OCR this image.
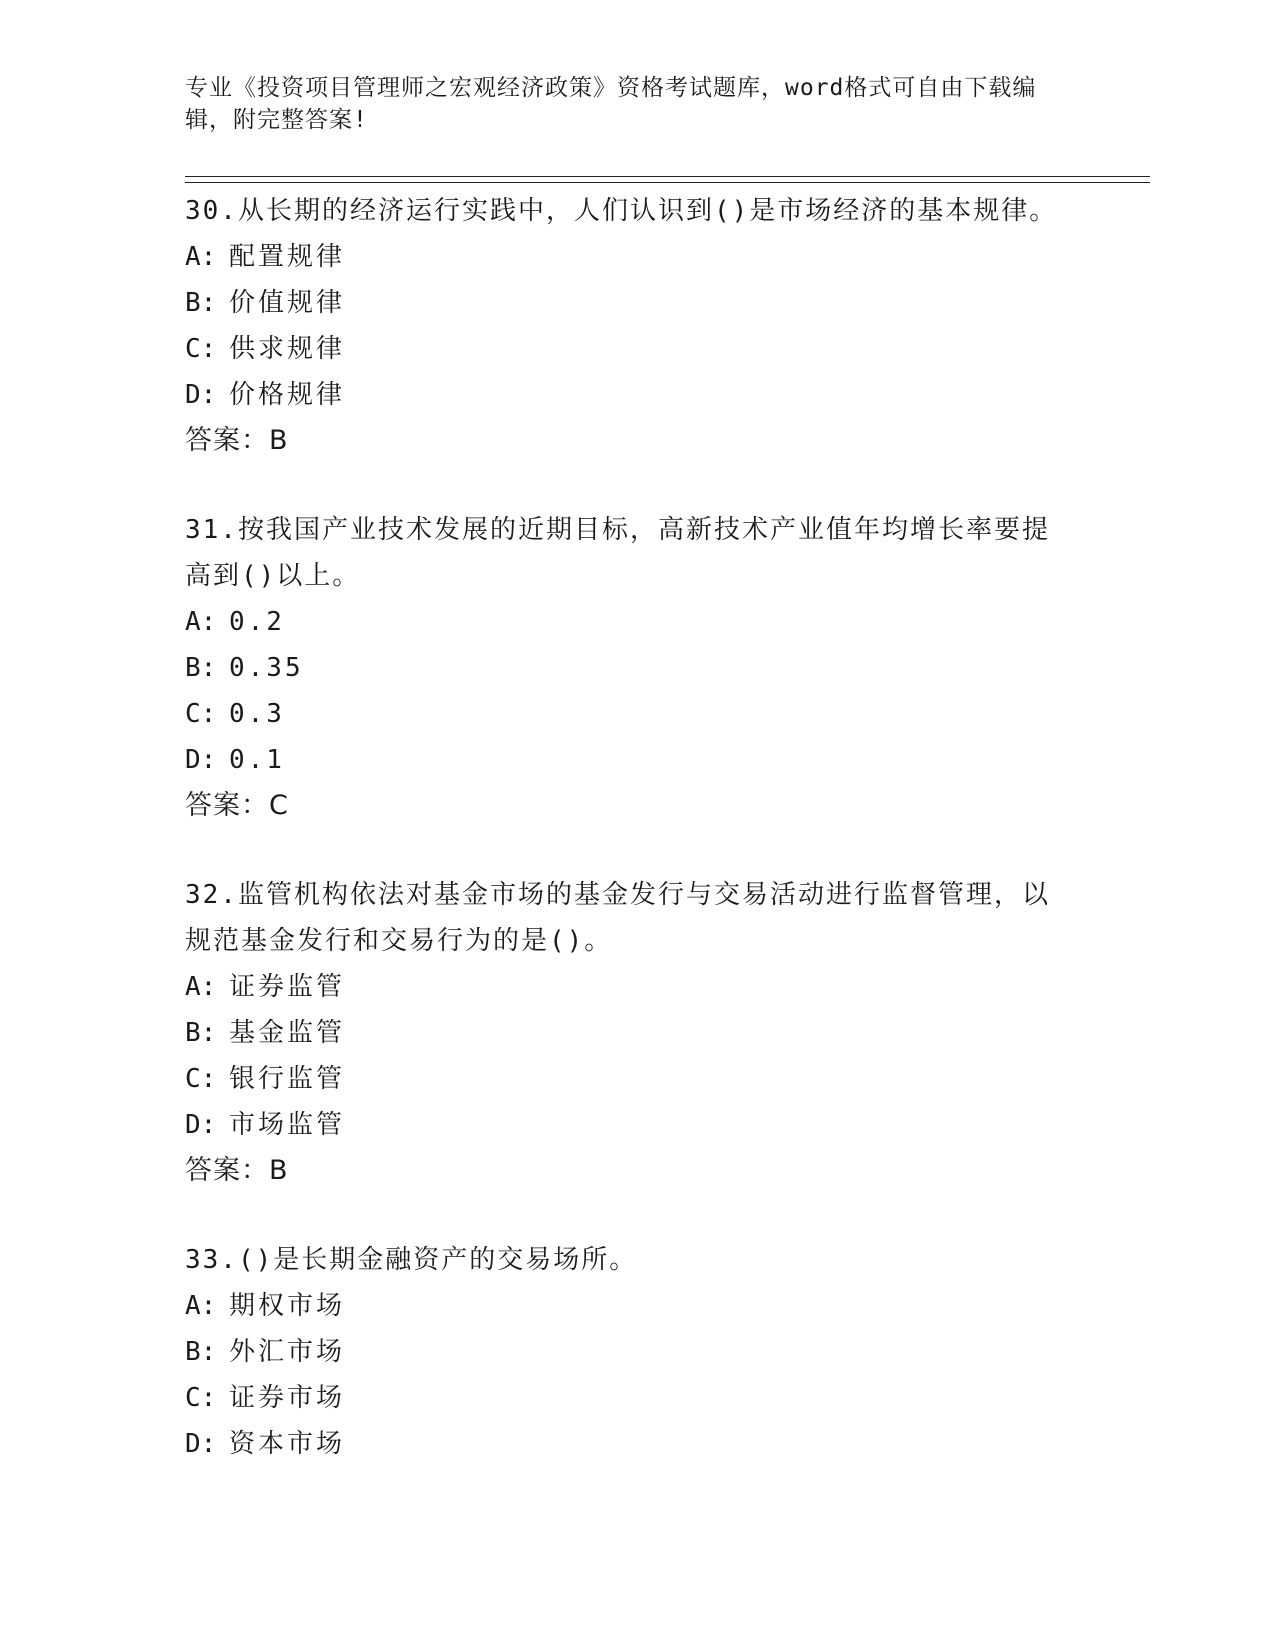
专业《投资项目管理师之宏观经济政策》资格考试题库，word格式可自由下载编辑，附完整答案!

30.从长期的经济运行实践中，人们认识到()是市场经济的基本规律。

A: 配置规律

B: 价值规律

C: 供求规律

D: 价格规律

答案：B

31.按我国产业技术发展的近期目标，高新技术产业值年均增长率要提高到()以上。

A: 0.2

B: 0.35

C: 0.3

D: 0.1

答案：C

32.监管机构依法对基金市场的基金发行与交易活动进行监督管理，以规范基金发行和交易行为的是()。

A: 证券监管

B: 基金监管

C: 银行监管

D: 市场监管

答案：B

33.()是长期金融资产的交易场所。

A: 期权市场

B: 外汇市场

C: 证券市场

D: 资本市场
